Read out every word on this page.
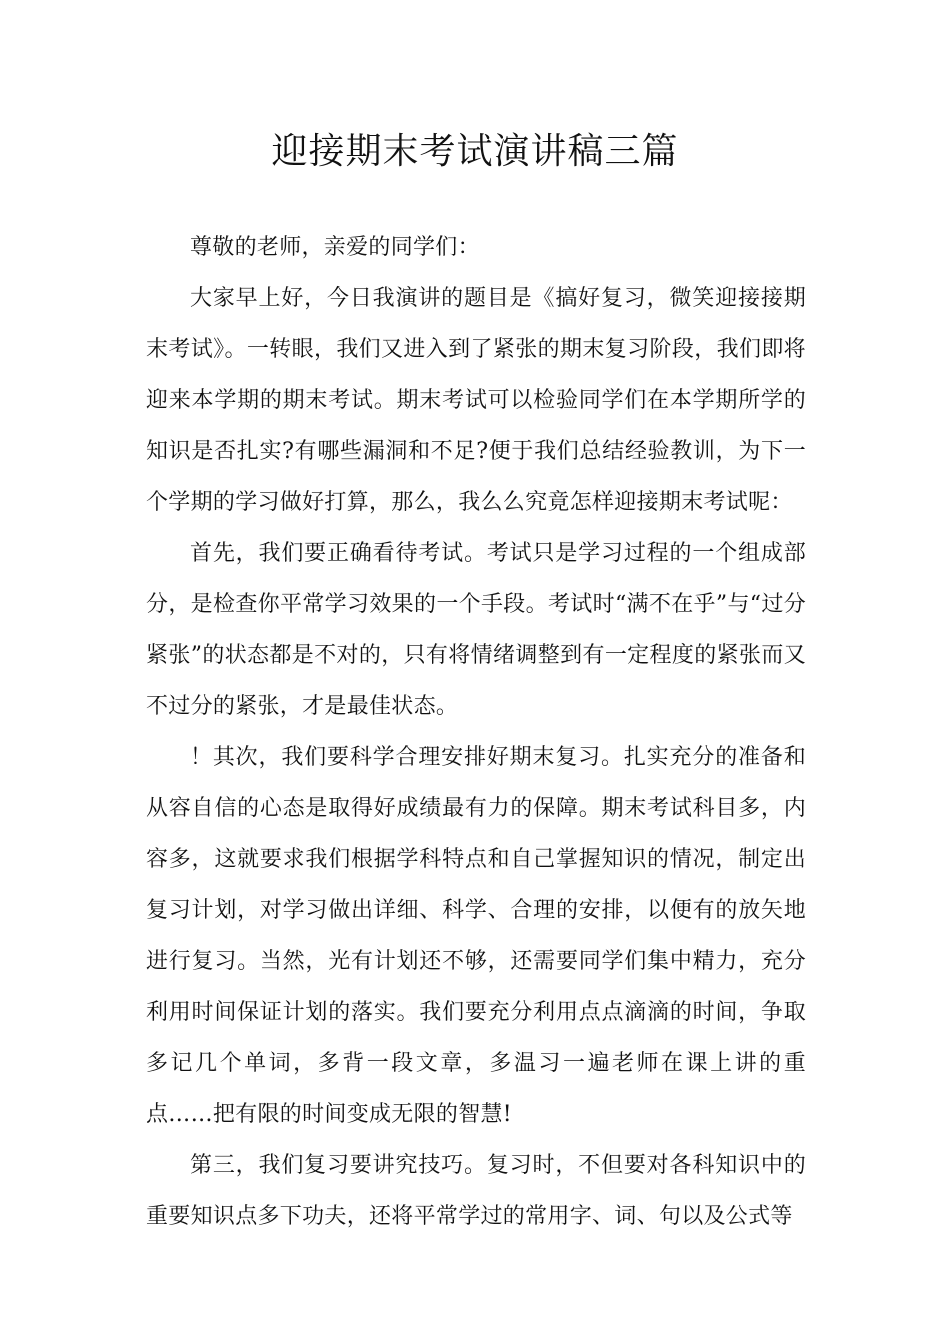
迎接期末考试演讲稿三篇

尊敬的老师，亲爱的同学们：

大家早上好，今日我演讲的题目是《搞好复习，微笑迎接接期末考试》。一转眼，我们又进入到了紧张的期末复习阶段，我们即将迎来本学期的期末考试。期末考试可以检验同学们在本学期所学的知识是否扎实?有哪些漏洞和不足?便于我们总结经验教训，为下一个学期的学习做好打算，那么，我么么究竟怎样迎接期末考试呢：

首先，我们要正确看待考试。考试只是学习过程的一个组成部分，是检查你平常学习效果的一个手段。考试时“满不在乎”与“过分紧张”的状态都是不对的，只有将情绪调整到有一定程度的紧张而又不过分的紧张，才是最佳状态。

！其次，我们要科学合理安排好期末复习。扎实充分的准备和从容自信的心态是取得好成绩最有力的保障。期末考试科目多，内容多，这就要求我们根据学科特点和自己掌握知识的情况，制定出复习计划，对学习做出详细、科学、合理的安排，以便有的放矢地进行复习。当然，光有计划还不够，还需要同学们集中精力，充分利用时间保证计划的落实。我们要充分利用点点滴滴的时间，争取多记几个单词，多背一段文章，多温习一遍老师在课上讲的重点……把有限的时间变成无限的智慧!

第三，我们复习要讲究技巧。复习时，不但要对各科知识中的重要知识点多下功夫，还将平常学过的常用字、词、句以及公式等
